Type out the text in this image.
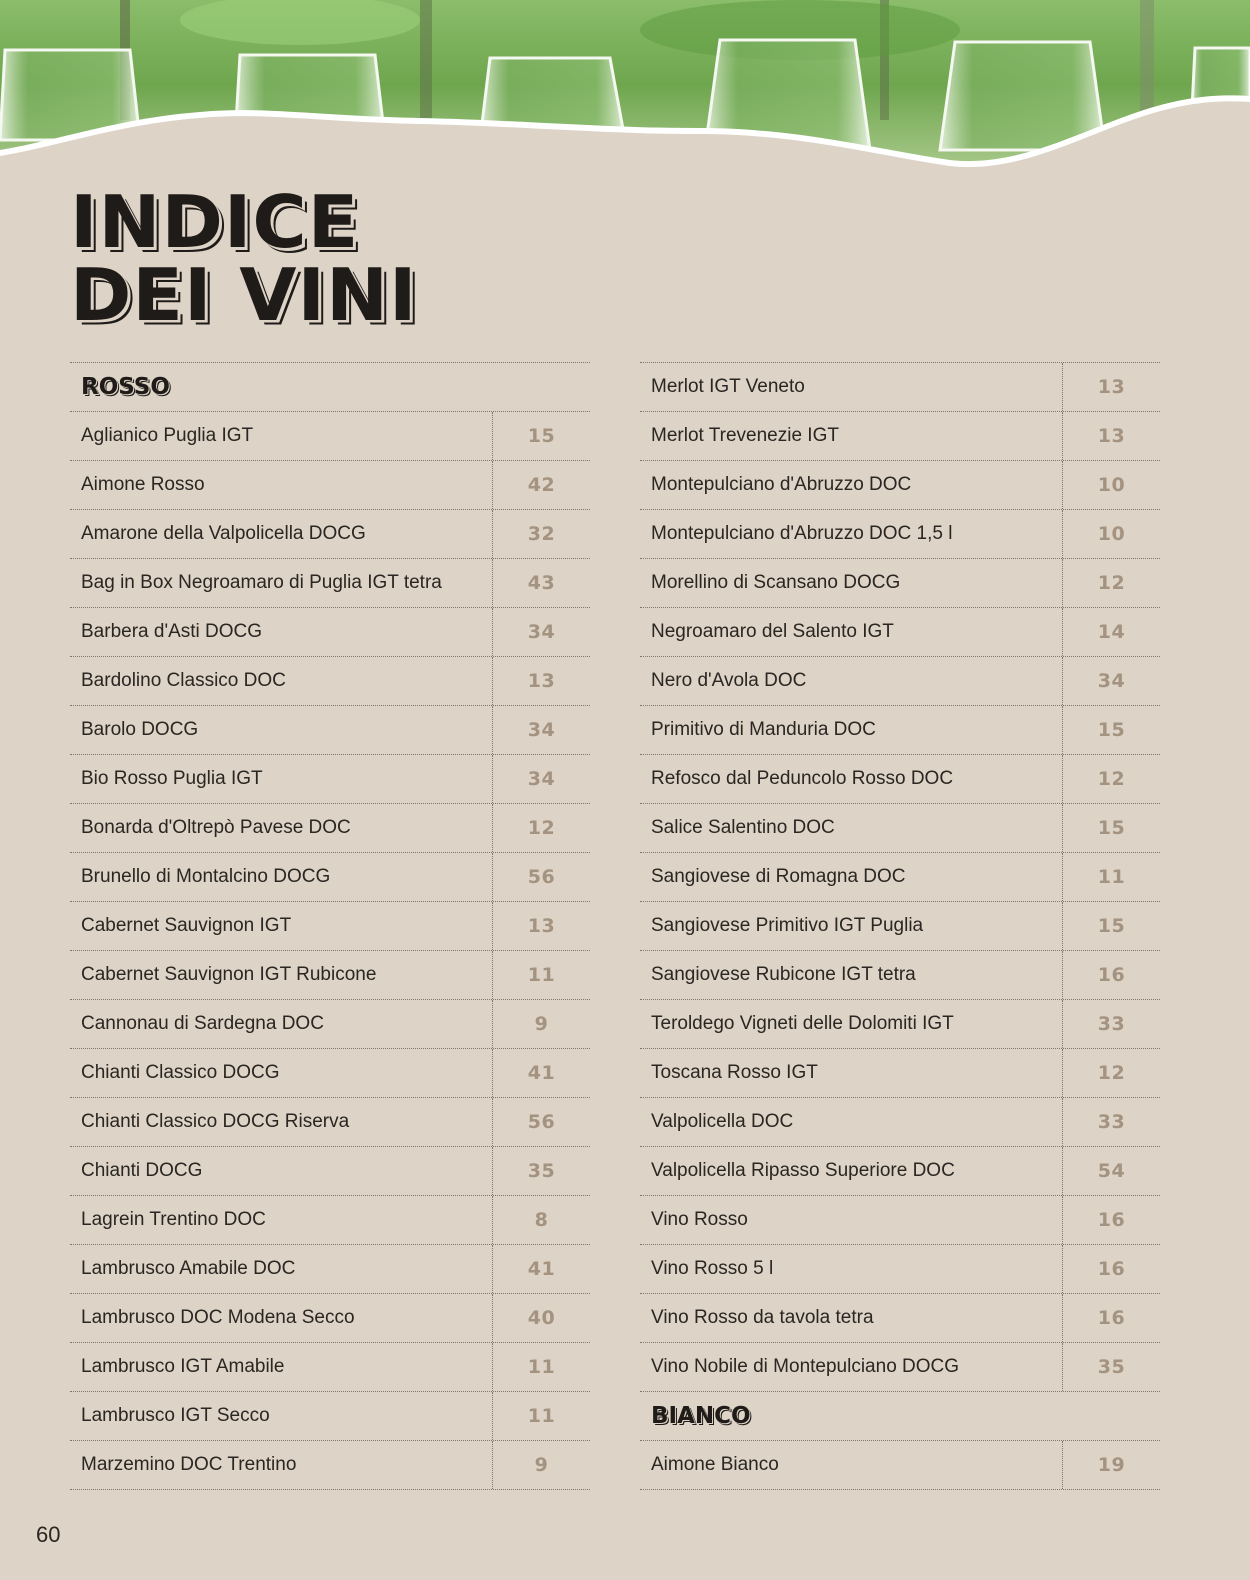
INDICE
DEI VINI
ROSSO
Aglianico Puglia IGT	15
Aimone Rosso	42
Amarone della Valpolicella DOCG	32
Bag in Box Negroamaro di Puglia IGT tetra	43
Barbera d'Asti DOCG	34
Bardolino Classico DOC	13
Barolo DOCG	34
Bio Rosso Puglia IGT	34
Bonarda d'Oltrepò Pavese DOC	12
Brunello di Montalcino DOCG	56
Cabernet Sauvignon IGT	13
Cabernet Sauvignon IGT Rubicone	11
Cannonau di Sardegna DOC	9
Chianti Classico DOCG	41
Chianti Classico DOCG Riserva	56
Chianti DOCG	35
Lagrein Trentino DOC	8
Lambrusco Amabile DOC	41
Lambrusco DOC Modena Secco	40
Lambrusco IGT Amabile	11
Lambrusco IGT Secco	11
Marzemino DOC Trentino	9
Merlot IGT Veneto	13
Merlot Trevenezie IGT	13
Montepulciano d'Abruzzo DOC	10
Montepulciano d'Abruzzo DOC 1,5 l	10
Morellino di Scansano DOCG	12
Negroamaro del Salento IGT	14
Nero d'Avola DOC	34
Primitivo di Manduria DOC	15
Refosco dal Peduncolo Rosso DOC	12
Salice Salentino DOC	15
Sangiovese di Romagna DOC	11
Sangiovese Primitivo IGT Puglia	15
Sangiovese Rubicone IGT tetra	16
Teroldego Vigneti delle Dolomiti IGT	33
Toscana Rosso IGT	12
Valpolicella DOC	33
Valpolicella Ripasso Superiore DOC	54
Vino Rosso	16
Vino Rosso 5 l	16
Vino Rosso da tavola tetra	16
Vino Nobile di Montepulciano DOCG	35
BIANCO
Aimone Bianco	19
60
